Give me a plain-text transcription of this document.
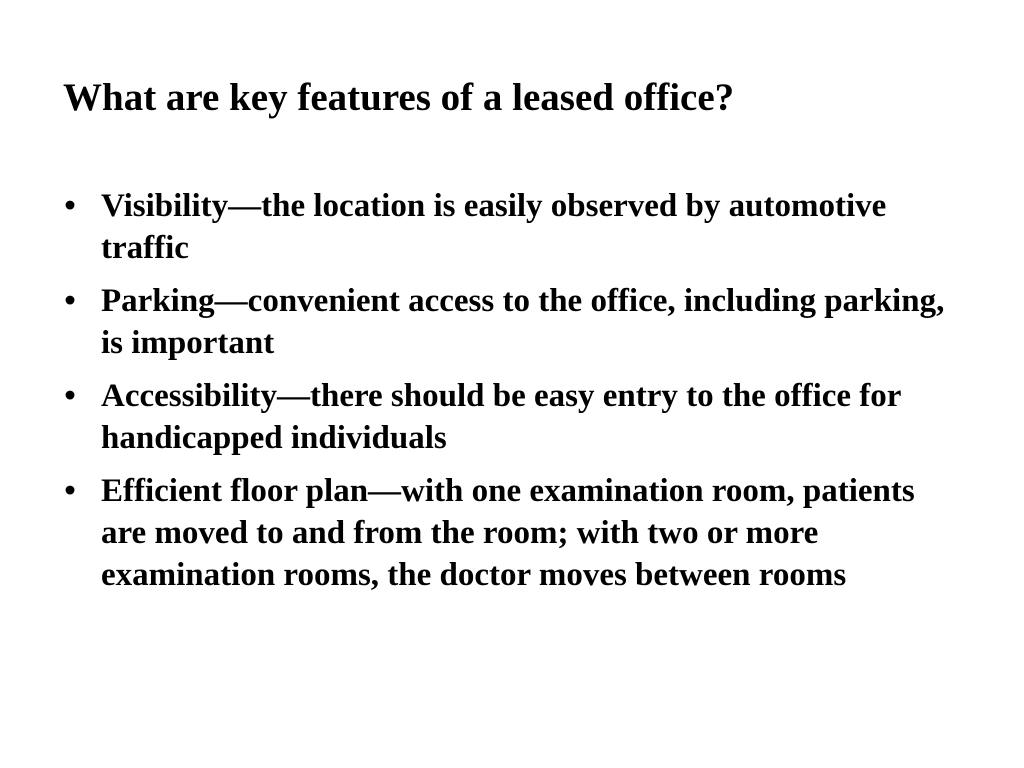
What are key features of a leased office?
• Visibility—the location is easily observed by automotive traffic
• Parking—convenient access to the office, including parking, is important
• Accessibility—there should be easy entry to the office for handicapped individuals
• Efficient floor plan—with one examination room, patients are moved to and from the room; with two or more examination rooms, the doctor moves between rooms
